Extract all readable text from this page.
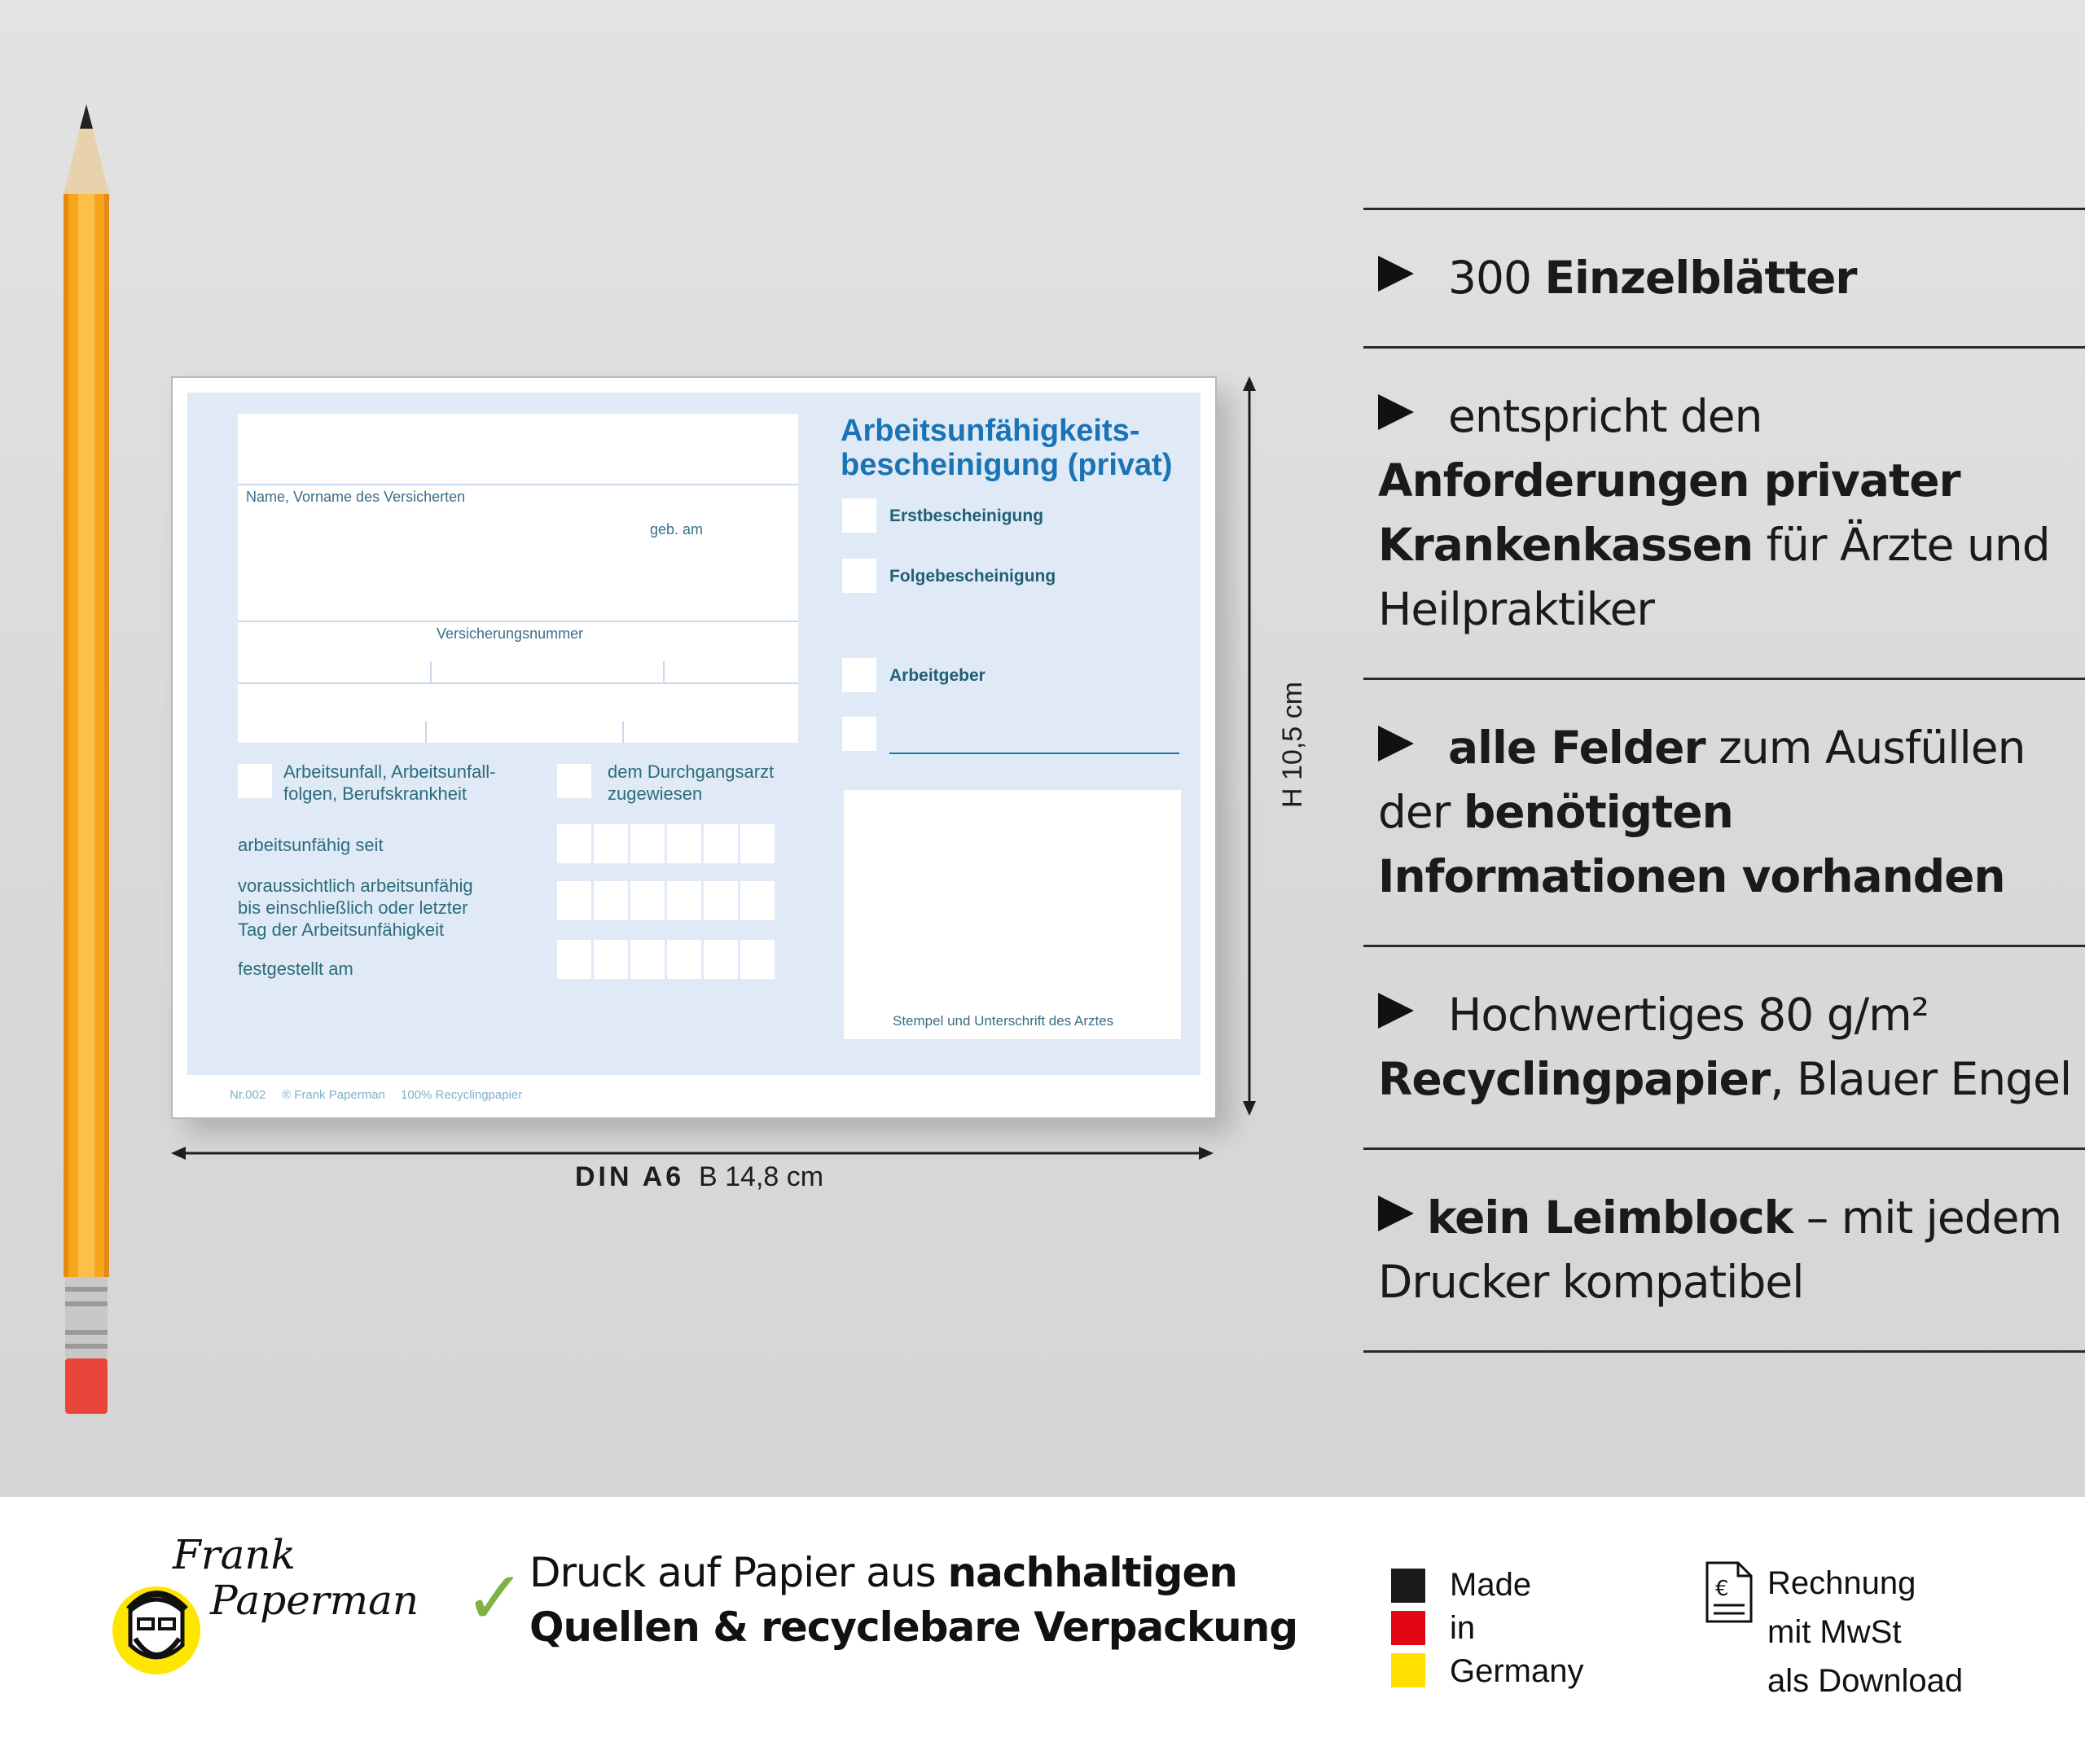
Name, Vorname des Versicherten
geb. am
Versicherungsnummer
Arbeitsunfall, Arbeitsunfall-
folgen, Berufskrankheit
dem Durchgangsarzt
zugewiesen
arbeitsunfähig seit
voraussichtlich arbeitsunfähig
bis einschließlich oder letzter
Tag der Arbeitsunfähigkeit
festgestellt am
Arbeitsunfähigkeits-
bescheinigung (privat)
Erstbescheinigung
Folgebescheinigung
Arbeitgeber
Stempel und Unterschrift des Arztes
Nr.002 ® Frank Paperman 100% Recyclingpapier
H 10,5 cm
DIN A6 B 14,8 cm
300 Einzelblätter
entspricht den Anforderungen privater Krankenkassen für Ärzte und Heilpraktiker
alle Felder zum Ausfüllen der benötigten Informationen vorhanden
Hochwertiges 80 g/m² Recyclingpapier, Blauer Engel
kein Leimblock – mit jedem Drucker kompatibel
Frank
Paperman ✓ Druck auf Papier aus nachhaltigen
Quellen & recyclebare Verpackung
Made
in
Germany
€ Rechnung
mit MwSt
als Download
